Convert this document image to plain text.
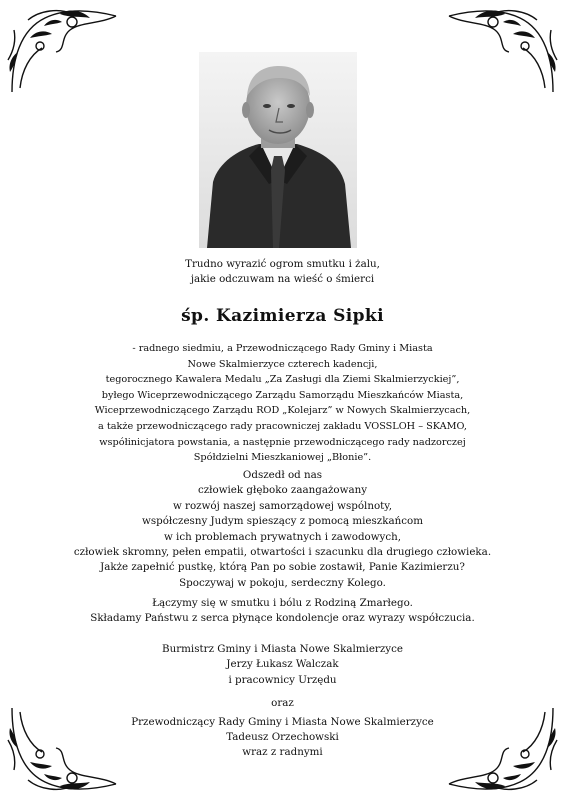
Trudno wyrazić ogrom smutku i żalu,
jakie odczuwam na wieść o śmierci
śp. Kazimierza Sipki
- radnego siedmiu, a Przewodniczącego Rady Gminy i Miasta
Nowe Skalmierzyce czterech kadencji,
tegorocznego Kawalera Medalu „Za Zasługi dla Ziemi Skalmierzyckiej”,
byłego Wiceprzewodniczącego Zarządu Samorządu Mieszkańców Miasta,
Wiceprzewodniczącego Zarządu ROD „Kolejarz” w Nowych Skalmierzycach,
a także przewodniczącego rady pracowniczej zakładu VOSSLOH – SKAMO,
współinicjatora powstania, a następnie przewodniczącego rady nadzorczej
Spółdzielni Mieszkaniowej „Błonie”.
Odszedł od nas
człowiek głęboko zaangażowany
w rozwój naszej samorządowej wspólnoty,
współczesny Judym spieszący z pomocą mieszkańcom
w ich problemach prywatnych i zawodowych,
człowiek skromny, pełen empatii, otwartości i szacunku dla drugiego człowieka.
Jakże zapełnić pustkę, którą Pan po sobie zostawił, Panie Kazimierzu?
Spoczywaj w pokoju, serdeczny Kolego.
Łączymy się w smutku i bólu z Rodziną Zmarłego.
Składamy Państwu z serca płynące kondolencje oraz wyrazy współczucia.
Burmistrz Gminy i Miasta Nowe Skalmierzyce
Jerzy Łukasz Walczak
i pracownicy Urzędu
oraz
Przewodniczący Rady Gminy i Miasta Nowe Skalmierzyce
Tadeusz Orzechowski
wraz z radnymi
